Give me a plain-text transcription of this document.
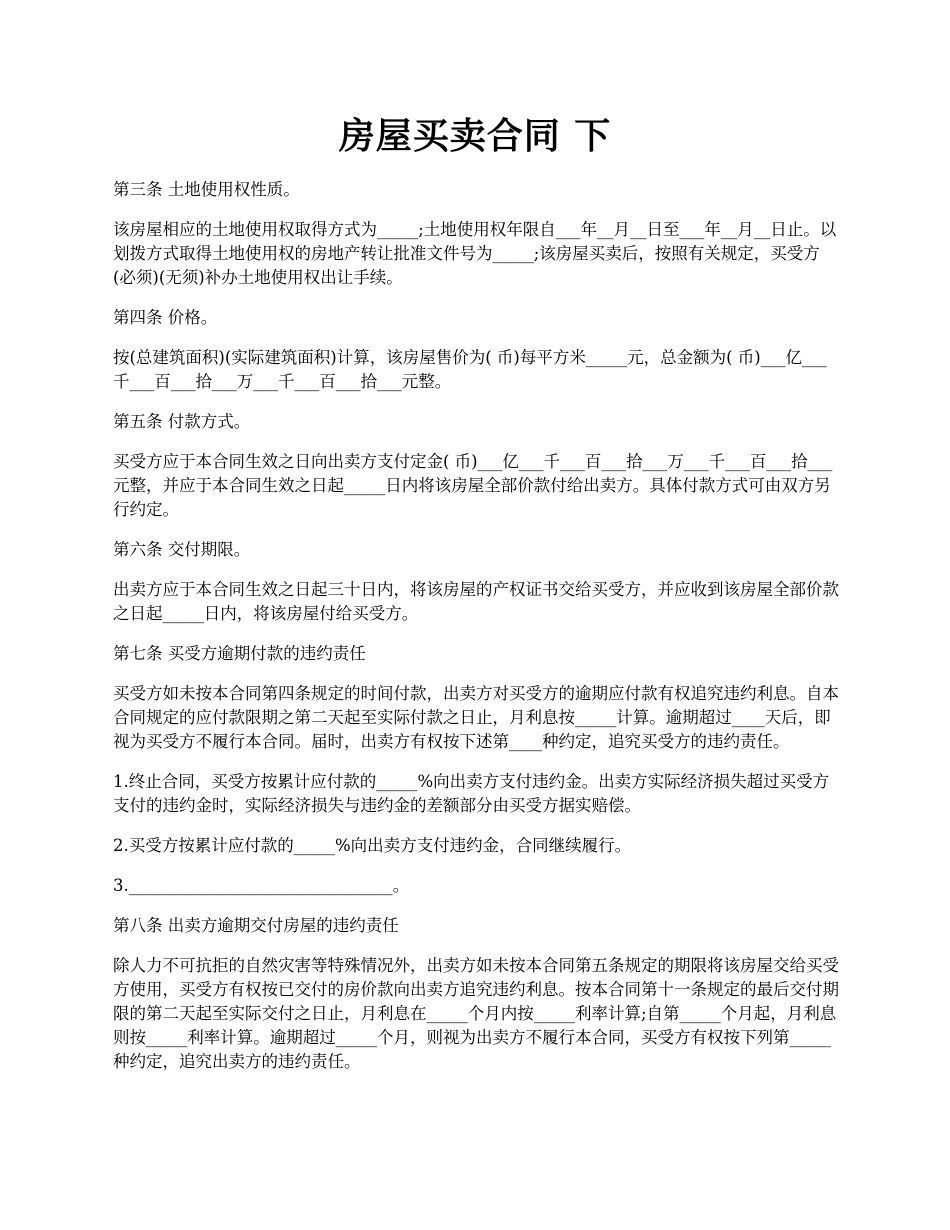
房屋买卖合同 下

第三条 土地使用权性质。

该房屋相应的土地使用权取得方式为_____;土地使用权年限自___年__月__日至___年__月__日止。以划拨方式取得土地使用权的房地产转让批准文件号为_____;该房屋买卖后，按照有关规定，买受方(必须)(无须)补办土地使用权出让手续。

第四条 价格。

按(总建筑面积)(实际建筑面积)计算，该房屋售价为( 币)每平方米_____元，总金额为( 币)___亿___千___百___拾___万___千___百___拾___元整。

第五条 付款方式。

买受方应于本合同生效之日向出卖方支付定金( 币)___亿___千___百___拾___万___千___百___拾___元整，并应于本合同生效之日起_____日内将该房屋全部价款付给出卖方。具体付款方式可由双方另行约定。

第六条 交付期限。

出卖方应于本合同生效之日起三十日内，将该房屋的产权证书交给买受方，并应收到该房屋全部价款之日起_____日内，将该房屋付给买受方。

第七条 买受方逾期付款的违约责任

买受方如未按本合同第四条规定的时间付款，出卖方对买受方的逾期应付款有权追究违约利息。自本合同规定的应付款限期之第二天起至实际付款之日止，月利息按_____计算。逾期超过____天后，即视为买受方不履行本合同。届时，出卖方有权按下述第____种约定，追究买受方的违约责任。

1.终止合同，买受方按累计应付款的_____%向出卖方支付违约金。出卖方实际经济损失超过买受方支付的违约金时，实际经济损失与违约金的差额部分由买受方据实赔偿。

2.买受方按累计应付款的_____%向出卖方支付违约金，合同继续履行。

3.________________________________。

第八条 出卖方逾期交付房屋的违约责任

除人力不可抗拒的自然灾害等特殊情况外，出卖方如未按本合同第五条规定的期限将该房屋交给买受方使用，买受方有权按已交付的房价款向出卖方追究违约利息。按本合同第十一条规定的最后交付期限的第二天起至实际交付之日止，月利息在_____个月内按_____利率计算;自第_____个月起，月利息则按_____利率计算。逾期超过_____个月，则视为出卖方不履行本合同，买受方有权按下列第_____种约定，追究出卖方的违约责任。
